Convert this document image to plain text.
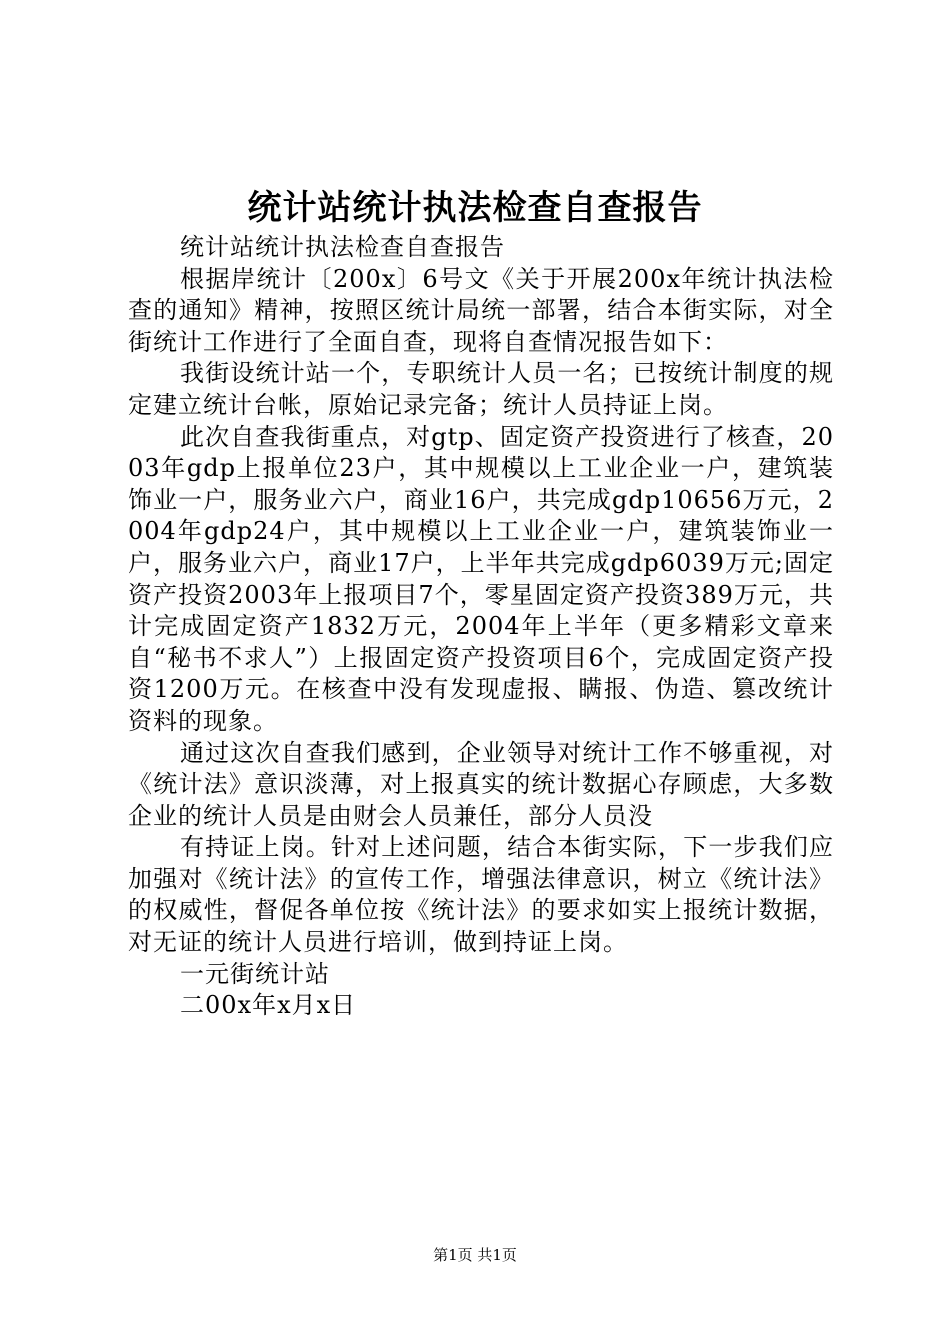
统计站统计执法检查自查报告

统计站统计执法检查自查报告

根据岸统计〔200x〕6号文《关于开展200x年统计执法检查的通知》精神，按照区统计局统一部署，结合本街实际，对全街统计工作进行了全面自查，现将自查情况报告如下：

我街设统计站一个，专职统计人员一名；已按统计制度的规定建立统计台帐，原始记录完备；统计人员持证上岗。

此次自查我街重点，对gtp、固定资产投资进行了核查，2003年gdp上报单位23户，其中规模以上工业企业一户，建筑装饰业一户，服务业六户，商业16户，共完成gdp10656万元，2004年gdp24户，其中规模以上工业企业一户，建筑装饰业一户，服务业六户，商业17户，上半年共完成gdp6039万元;固定资产投资2003年上报项目7个，零星固定资产投资389万元，共计完成固定资产1832万元，2004年上半年（更多精彩文章来自“秘书不求人”）上报固定资产投资项目6个，完成固定资产投资1200万元。在核查中没有发现虚报、瞒报、伪造、篡改统计资料的现象。

通过这次自查我们感到，企业领导对统计工作不够重视，对《统计法》意识淡薄，对上报真实的统计数据心存顾虑，大多数企业的统计人员是由财会人员兼任，部分人员没

有持证上岗。针对上述问题，结合本街实际，下一步我们应加强对《统计法》的宣传工作，增强法律意识，树立《统计法》的权威性，督促各单位按《统计法》的要求如实上报统计数据，对无证的统计人员进行培训，做到持证上岗。

一元街统计站

二00x年x月x日

第1页 共1页
